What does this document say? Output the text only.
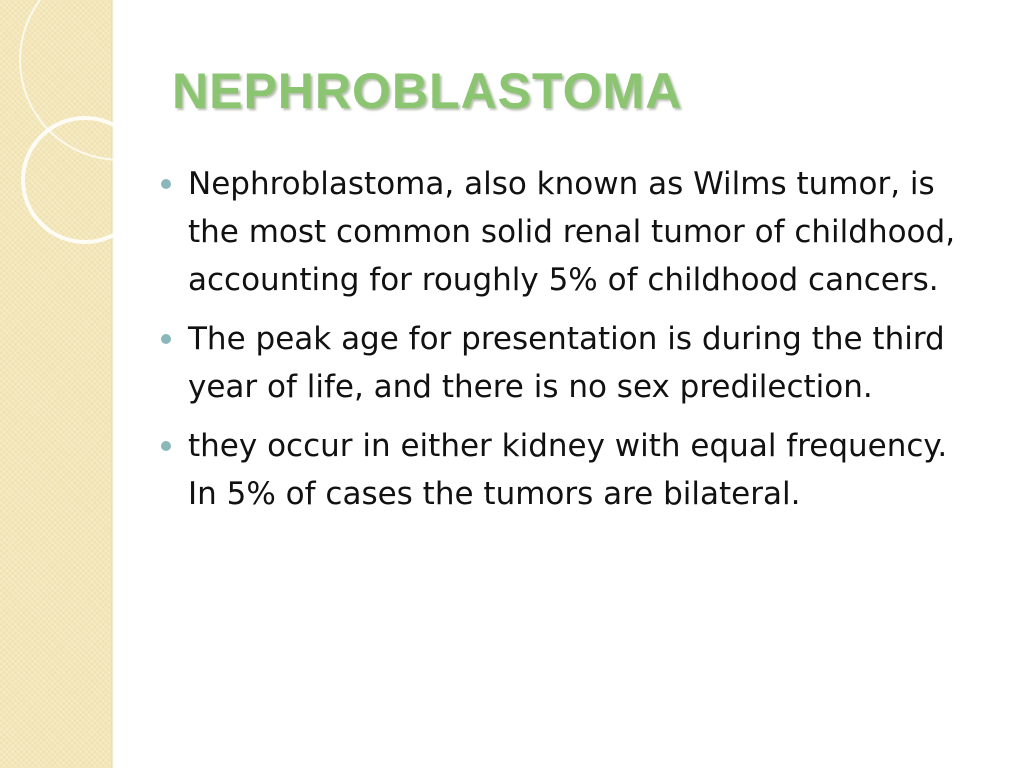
NEPHROBLASTOMA
Nephroblastoma, also known as Wilms tumor, is the most common solid renal tumor of childhood, accounting for roughly 5% of childhood cancers.
The peak age for presentation is during the third year of life, and there is no sex predilection.
they occur in either kidney with equal frequency. In 5% of cases the tumors are bilateral.
